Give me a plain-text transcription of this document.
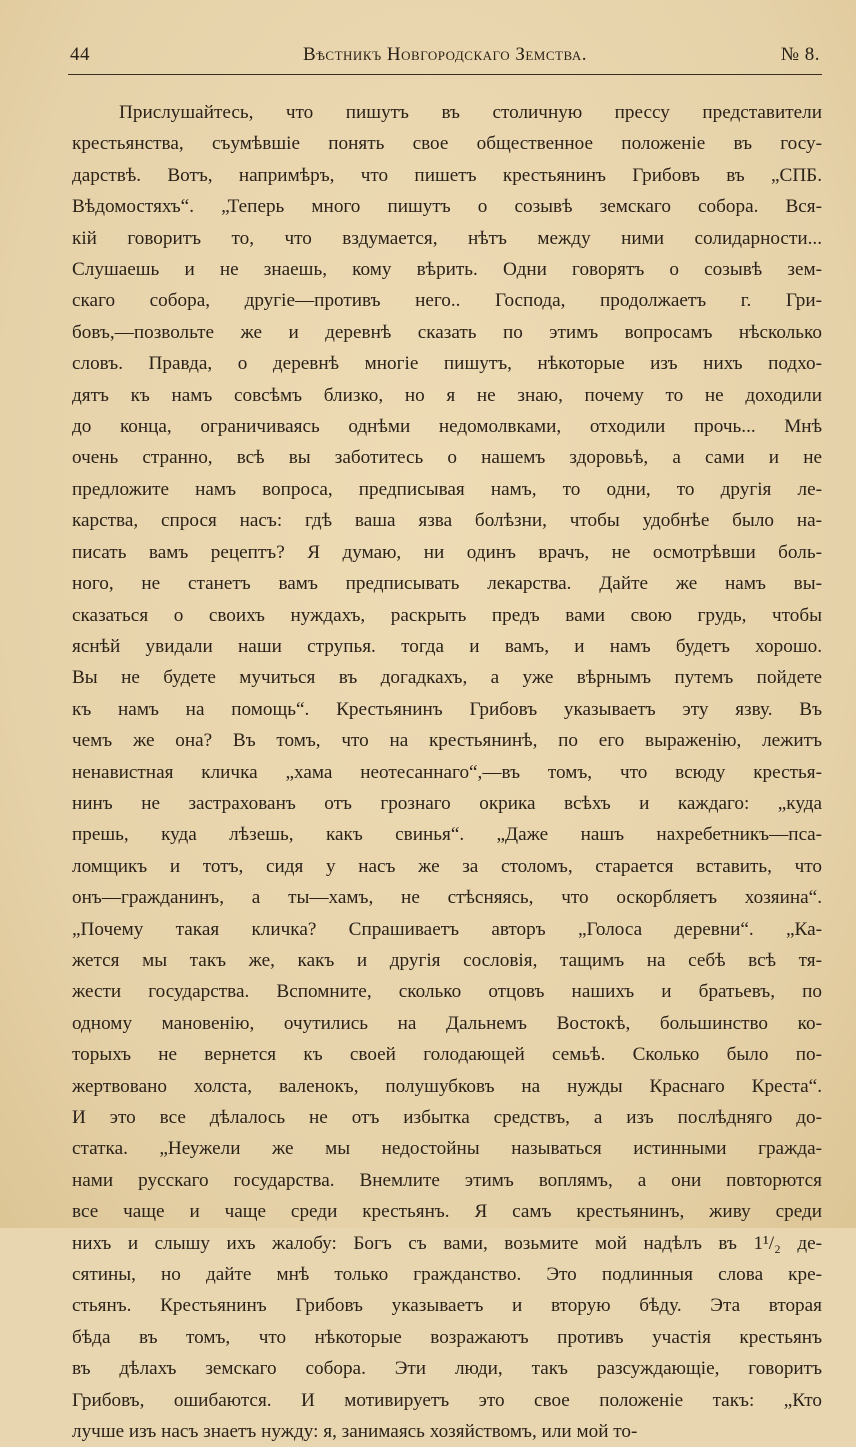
44	Вѣстникъ Новгородскаго Земства.	№ 8.
Прислушайтесь, что пишутъ въ столичную прессу представители
крестьянства, съумѣвшіе понять свое общественное положеніе въ госу-
дарствѣ. Вотъ, напримѣръ, что пишетъ крестьянинъ Грибовъ въ „СПБ.
Вѣдомостяхъ“. „Теперь много пишутъ о созывѣ земскаго собора. Вся-
кій говоритъ то, что вздумается, нѣтъ между ними солидарности...
Слушаешь и не знаешь, кому вѣрить. Одни говорятъ о созывѣ зем-
скаго собора, другіе—противъ него.. Господа, продолжаетъ г. Гри-
бовъ,—позвольте же и деревнѣ сказать по этимъ вопросамъ нѣсколько
словъ. Правда, о деревнѣ многіе пишутъ, нѣкоторые изъ нихъ подхо-
дятъ къ намъ совсѣмъ близко, но я не знаю, почему то не доходили
до конца, ограничиваясь однѣми недомолвками, отходили прочь... Мнѣ
очень странно, всѣ вы заботитесь о нашемъ здоровьѣ, а сами и не
предложите намъ вопроса, предписывая намъ, то одни, то другія ле-
карства, спрося насъ: гдѣ ваша язва болѣзни, чтобы удобнѣе было на-
писать вамъ рецептъ? Я думаю, ни одинъ врачъ, не осмотрѣвши боль-
ного, не станетъ вамъ предписывать лекарства. Дайте же намъ вы-
сказаться о своихъ нуждахъ, раскрыть предъ вами свою грудь, чтобы
яснѣй увидали наши струпья. тогда и вамъ, и намъ будетъ хорошо.
Вы не будете мучиться въ догадкахъ, а уже вѣрнымъ путемъ пойдете
къ намъ на помощь“. Крестьянинъ Грибовъ указываетъ эту язву. Въ
чемъ же она? Въ томъ, что на крестьянинѣ, по его выраженію, лежитъ
ненавистная кличка „хама неотесаннаго“,—въ томъ, что всюду крестья-
нинъ не застрахованъ отъ грознаго окрика всѣхъ и каждаго: „куда
прешь, куда лѣзешь, какъ свинья“. „Даже нашъ нахребетникъ—псa-
ломщикъ и тотъ, сидя у насъ же за столомъ, старается вставить, что
онъ—гражданинъ, а ты—хамъ, не стѣсняясь, что оскорбляетъ хозяина“.
„Почему такая кличка? Спрашиваетъ авторъ „Голоса деревни“. „Ка-
жется мы такъ же, какъ и другія сословія, тащимъ на себѣ всѣ тя-
жести государства. Вспомните, сколько отцовъ нашихъ и братьевъ, по
одному мановенію, очутились на Дальнемъ Востокѣ, большинство ко-
торыхъ не вернется къ своей голодающей семьѣ. Сколько было по-
жертвовано холста, валенокъ, полушубковъ на нужды Краснаго Креста“.
И это все дѣлалось не отъ избытка средствъ, а изъ послѣдняго до-
статка. „Неужели же мы недостойны называться истинными гражда-
нами русскаго государства. Внемлите этимъ воплямъ, а они повторются
все чаще и чаще среди крестьянъ. Я самъ крестьянинъ, живу среди
нихъ и слышу ихъ жалобу: Богъ съ вами, возьмите мой надѣлъ въ 1¹/₂ де-
сятины, но дайте мнѣ только гражданство. Это подлинныя слова кре-
стьянъ. Крестьянинъ Грибовъ указываетъ и вторую бѣду. Эта вторая
бѣда въ томъ, что нѣкоторые возражаютъ противъ участія крестьянъ
въ дѣлахъ земскаго собора. Эти люди, такъ разсуждающіе, говоритъ
Грибовъ, ошибаются. И мотивируетъ это свое положеніе такъ: „Кто
лучше изъ насъ знаетъ нужду: я, занимаясь хозяйствомъ, или мой то-
